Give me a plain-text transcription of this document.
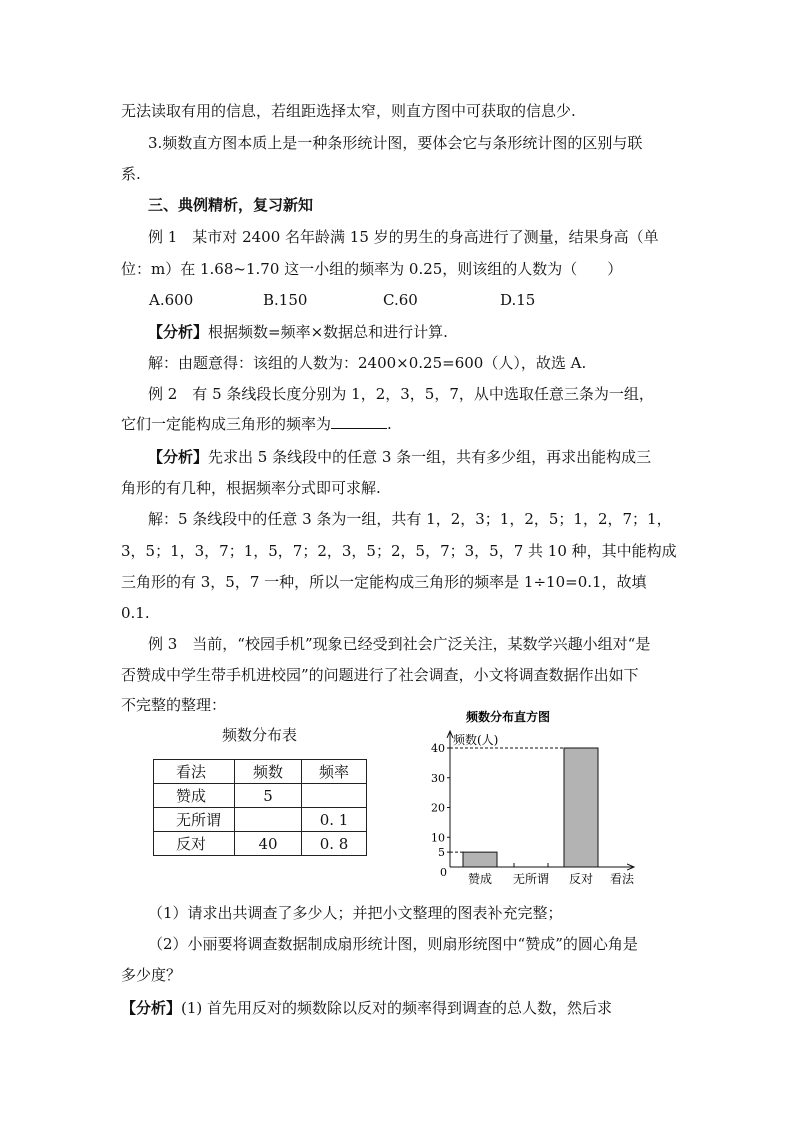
无法读取有用的信息，若组距选择太窄，则直方图中可获取的信息少.
3.频数直方图本质上是一种条形统计图，要体会它与条形统计图的区别与联
系.
三、典例精析，复习新知
例 1　某市对 2400 名年龄满 15 岁的男生的身高进行了测量，结果身高（单
位：m）在 1.68~1.70 这一小组的频率为 0.25，则该组的人数为（　　）
A.600	B.150	C.60	D.15
【分析】根据频数=频率×数据总和进行计算.
解：由题意得：该组的人数为：2400×0.25=600（人），故选 A.
例 2　有 5 条线段长度分别为 1，2，3，5，7，从中选取任意三条为一组，
它们一定能构成三角形的频率为	.
【分析】先求出 5 条线段中的任意 3 条一组，共有多少组，再求出能构成三
角形的有几种，根据频率分式即可求解.
解：5 条线段中的任意 3 条为一组，共有 1，2，3；1，2，5；1，2，7；1，
3，5；1，3，7；1，5，7；2，3，5；2，5，7；3，5，7 共 10 种，其中能构成
三角形的有 3，5，7 一种，所以一定能构成三角形的频率是 1÷10=0.1，故填
0.1.
例 3　当前，“校园手机”现象已经受到社会广泛关注，某数学兴趣小组对“是
否赞成中学生带手机进校园”的问题进行了社会调查，小文将调查数据作出如下
不完整的整理：
频数分布表
看法	频数	频率
赞成	5	
无所谓		0. 1
反对	40	0. 8
频数分布直方图
频数(人)
看法
0
5
10
20
30
40
赞成 无所谓 反对
（1）请求出共调查了多少人；并把小文整理的图表补充完整；
（2）小丽要将调查数据制成扇形统计图，则扇形统图中“赞成”的圆心角是
多少度？
【分析】(1) 首先用反对的频数除以反对的频率得到调查的总人数，然后求
